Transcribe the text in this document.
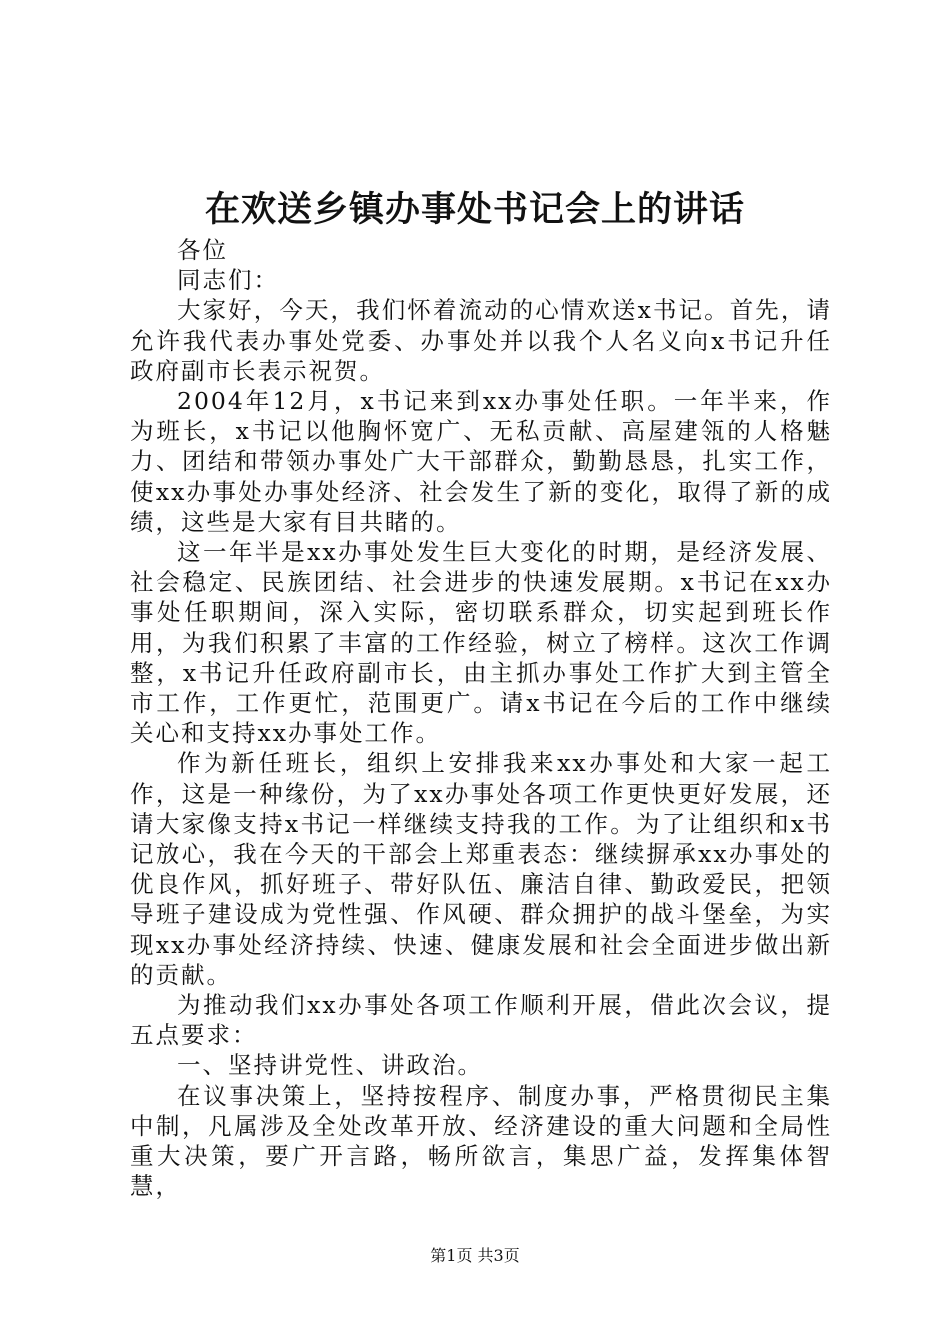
在欢送乡镇办事处书记会上的讲话

各位

同志们：

大家好，今天，我们怀着流动的心情欢送x书记。首先，请允许我代表办事处党委、办事处并以我个人名义向x书记升任政府副市长表示祝贺。

2004年12月，x书记来到xx办事处任职。一年半来，作为班长，x书记以他胸怀宽广、无私贡献、高屋建瓴的人格魅力、团结和带领办事处广大干部群众，勤勤恳恳，扎实工作，使xx办事处办事处经济、社会发生了新的变化，取得了新的成绩，这些是大家有目共睹的。

这一年半是xx办事处发生巨大变化的时期，是经济发展、社会稳定、民族团结、社会进步的快速发展期。x书记在xx办事处任职期间，深入实际，密切联系群众，切实起到班长作用，为我们积累了丰富的工作经验，树立了榜样。这次工作调整，x书记升任政府副市长，由主抓办事处工作扩大到主管全市工作，工作更忙，范围更广。请x书记在今后的工作中继续关心和支持xx办事处工作。

作为新任班长，组织上安排我来xx办事处和大家一起工作，这是一种缘份，为了xx办事处各项工作更快更好发展，还请大家像支持x书记一样继续支持我的工作。为了让组织和x书记放心，我在今天的干部会上郑重表态：继续摒承xx办事处的优良作风，抓好班子、带好队伍、廉洁自律、勤政爱民，把领导班子建设成为党性强、作风硬、群众拥护的战斗堡垒，为实现xx办事处经济持续、快速、健康发展和社会全面进步做出新的贡献。

为推动我们xx办事处各项工作顺利开展，借此次会议，提五点要求：

一、坚持讲党性、讲政治。

在议事决策上，坚持按程序、制度办事，严格贯彻民主集中制，凡属涉及全处改革开放、经济建设的重大问题和全局性重大决策，要广开言路，畅所欲言，集思广益，发挥集体智慧，

第1页 共3页
